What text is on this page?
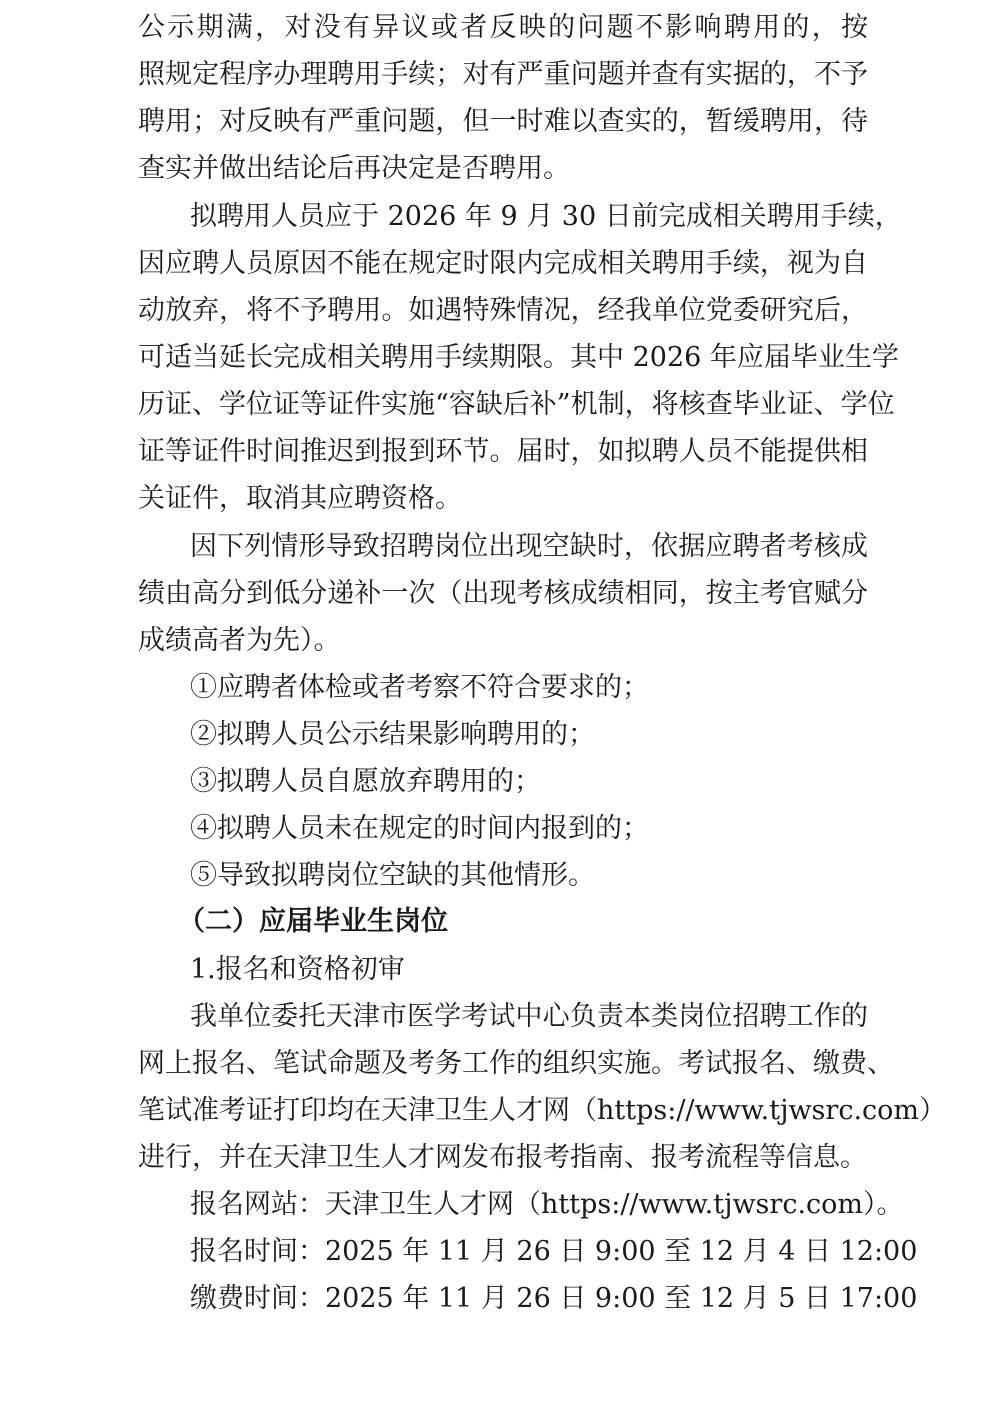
公示期满，对没有异议或者反映的问题不影响聘用的，按
照规定程序办理聘用手续；对有严重问题并查有实据的，不予
聘用；对反映有严重问题，但一时难以查实的，暂缓聘用，待
查实并做出结论后再决定是否聘用。
拟聘用人员应于 2026 年 9 月 30 日前完成相关聘用手续，
因应聘人员原因不能在规定时限内完成相关聘用手续，视为自
动放弃，将不予聘用。如遇特殊情况，经我单位党委研究后，
可适当延长完成相关聘用手续期限。其中 2026 年应届毕业生学
历证、学位证等证件实施“容缺后补”机制，将核查毕业证、学位
证等证件时间推迟到报到环节。届时，如拟聘人员不能提供相
关证件，取消其应聘资格。
因下列情形导致招聘岗位出现空缺时，依据应聘者考核成
绩由高分到低分递补一次（出现考核成绩相同，按主考官赋分
成绩高者为先）。
①应聘者体检或者考察不符合要求的；
②拟聘人员公示结果影响聘用的；
③拟聘人员自愿放弃聘用的；
④拟聘人员未在规定的时间内报到的；
⑤导致拟聘岗位空缺的其他情形。
（二）应届毕业生岗位
1.报名和资格初审
我单位委托天津市医学考试中心负责本类岗位招聘工作的
网上报名、笔试命题及考务工作的组织实施。考试报名、缴费、
笔试准考证打印均在天津卫生人才网（https://www.tjwsrc.com）
进行，并在天津卫生人才网发布报考指南、报考流程等信息。
报名网站：天津卫生人才网（https://www.tjwsrc.com）。
报名时间：2025 年 11 月 26 日 9:00 至 12 月 4 日 12:00
缴费时间：2025 年 11 月 26 日 9:00 至 12 月 5 日 17:00
